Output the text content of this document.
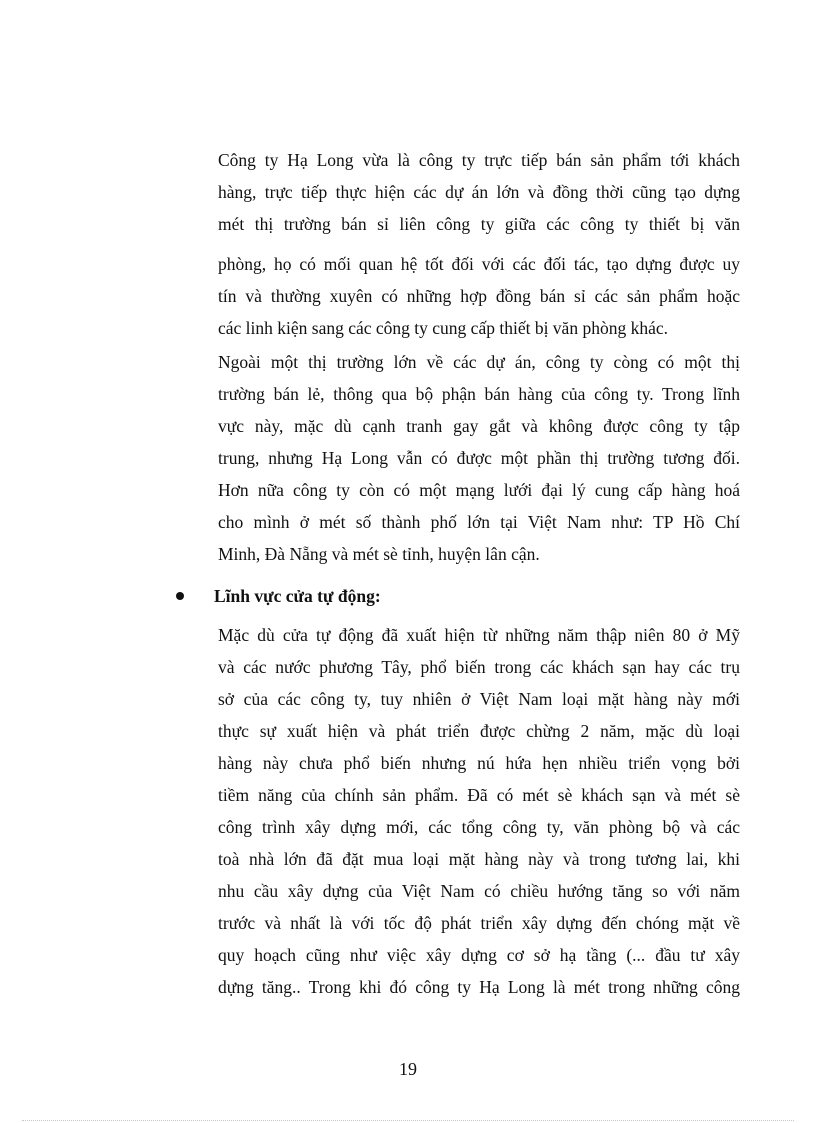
Công ty Hạ Long vừa là công ty trực tiếp bán sản phẩm tới khách
hàng, trực tiếp thực hiện các dự án lớn và đồng thời cũng tạo dựng
mét thị trường bán sỉ liên công ty giữa các công ty thiết bị văn
phòng, họ có mối quan hệ tốt đối với các đối tác, tạo dựng được uy
tín và thường xuyên có những hợp đồng bán sỉ các sản phẩm hoặc
các linh kiện sang các công ty cung cấp thiết bị văn phòng khác.
Ngoài một thị trường lớn về các dự án, công ty còng có một thị
trường bán lẻ, thông qua bộ phận bán hàng của công ty. Trong lĩnh
vực này, mặc dù cạnh tranh gay gắt và không được công ty tập
trung, nhưng Hạ Long vẫn có được một phần thị trường tương đối.
Hơn nữa công ty còn có một mạng lưới đại lý cung cấp hàng hoá
cho mình ở mét số thành phố lớn tại Việt Nam như: TP Hồ Chí
Minh, Đà Nẵng và mét sè tỉnh, huyện lân cận.
Lĩnh vực cửa tự động:
Mặc dù cửa tự động đã xuất hiện từ những năm thập niên 80 ở Mỹ
và các nước phương Tây, phổ biến trong các khách sạn hay các trụ
sở của các công ty, tuy nhiên ở Việt Nam loại mặt hàng này mới
thực sự xuất hiện và phát triển được chừng 2 năm, mặc dù loại
hàng này chưa phổ biến nhưng nú hứa hẹn nhiều triển vọng bởi
tiềm năng của chính sản phẩm. Đã có mét sè khách sạn và mét sè
công trình xây dựng mới, các tổng công ty, văn phòng bộ và các
toà nhà lớn đã đặt mua loại mặt hàng này và trong tương lai, khi
nhu cầu xây dựng của Việt Nam có chiều hướng tăng so với năm
trước và nhất là với tốc độ phát triển xây dựng đến chóng mặt về
quy hoạch cũng như việc xây dựng cơ sở hạ tầng (... đầu tư xây
dựng tăng.. Trong khi đó công ty Hạ Long là mét trong những công
19
